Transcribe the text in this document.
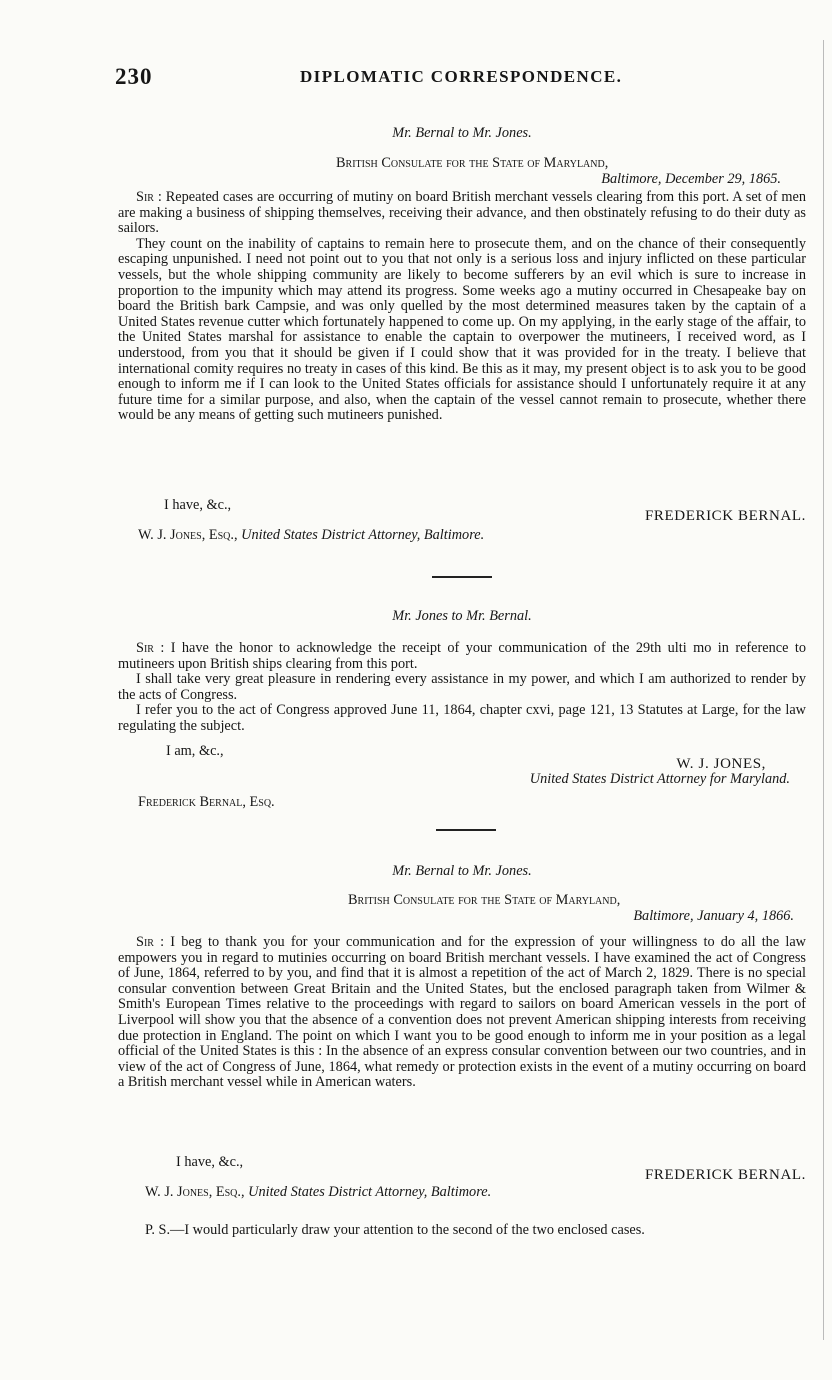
230	DIPLOMATIC CORRESPONDENCE.
Mr. Bernal to Mr. Jones.
British Consulate for the State of Maryland,
Baltimore, December 29, 1865.

Sir : Repeated cases are occurring of mutiny on board British merchant vessels clearing from this port. A set of men are making a business of shipping themselves, receiving their advance, and then obstinately refusing to do their duty as sailors.

They count on the inability of captains to remain here to prosecute them, and on the chance of their consequently escaping unpunished. I need not point out to you that not only is a serious loss and injury inflicted on these particular vessels, but the whole shipping community are likely to become sufferers by an evil which is sure to increase in proportion to the impunity which may attend its progress. Some weeks ago a mutiny occurred in Chesapeake bay on board the British bark Campsie, and was only quelled by the most determined measures taken by the captain of a United States revenue cutter which fortunately happened to come up. On my applying, in the early stage of the affair, to the United States marshal for assistance to enable the captain to overpower the mutineers, I received word, as I understood, from you that it should be given if I could show that it was provided for in the treaty. I believe that international comity requires no treaty in cases of this kind. Be this as it may, my present object is to ask you to be good enough to inform me if I can look to the United States officials for assistance should I unfortunately require it at any future time for a similar purpose, and also, when the captain of the vessel cannot remain to prosecute, whether there would be any means of getting such mutineers punished.

I have, &c.,
FREDERICK BERNAL.
W. J. Jones, Esq., United States District Attorney, Baltimore.
Mr. Jones to Mr. Bernal.

Sir : I have the honor to acknowledge the receipt of your communication of the 29th ulti mo in reference to mutineers upon British ships clearing from this port.

I shall take very great pleasure in rendering every assistance in my power, and which I am authorized to render by the acts of Congress.

I refer you to the act of Congress approved June 11, 1864, chapter cxvi, page 121, 13 Statutes at Large, for the law regulating the subject.

I am, &c.,
W. J. JONES,
United States District Attorney for Maryland.
Frederick Bernal, Esq.
Mr. Bernal to Mr. Jones.
British Consulate for the State of Maryland,
Baltimore, January 4, 1866.

Sir : I beg to thank you for your communication and for the expression of your willingness to do all the law empowers you in regard to mutinies occurring on board British merchant vessels. I have examined the act of Congress of June, 1864, referred to by you, and find that it is almost a repetition of the act of March 2, 1829. There is no special consular convention between Great Britain and the United States, but the enclosed paragraph taken from Wilmer & Smith's European Times relative to the proceedings with regard to sailors on board American vessels in the port of Liverpool will show you that the absence of a convention does not prevent American shipping interests from receiving due protection in England. The point on which I want you to be good enough to inform me in your position as a legal official of the United States is this : In the absence of an express consular convention between our two countries, and in view of the act of Congress of June, 1864, what remedy or protection exists in the event of a mutiny occurring on board a British merchant vessel while in American waters.

I have, &c.,
FREDERICK BERNAL.
W. J. Jones, Esq., United States District Attorney, Baltimore.
P. S.—I would particularly draw your attention to the second of the two enclosed cases.
